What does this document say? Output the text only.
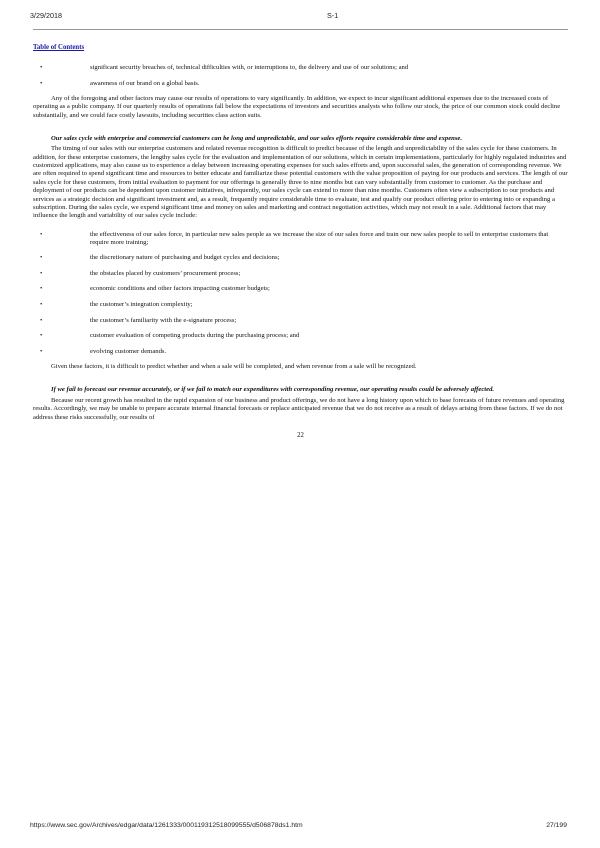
3/29/2018	S-1
Table of Contents
•	significant security breaches of, technical difficulties with, or interruptions to, the delivery and use of our solutions; and
•	awareness of our brand on a global basis.
Any of the foregoing and other factors may cause our results of operations to vary significantly. In addition, we expect to incur significant additional expenses due to the increased costs of operating as a public company. If our quarterly results of operations fall below the expectations of investors and securities analysts who follow our stock, the price of our common stock could decline substantially, and we could face costly lawsuits, including securities class action suits.
Our sales cycle with enterprise and commercial customers can be long and unpredictable, and our sales efforts require considerable time and expense.
The timing of our sales with our enterprise customers and related revenue recognition is difficult to predict because of the length and unpredictability of the sales cycle for these customers. In addition, for these enterprise customers, the lengthy sales cycle for the evaluation and implementation of our solutions, which in certain implementations, particularly for highly regulated industries and customized applications, may also cause us to experience a delay between increasing operating expenses for such sales efforts and, upon successful sales, the generation of corresponding revenue. We are often required to spend significant time and resources to better educate and familiarize these potential customers with the value proposition of paying for our products and services. The length of our sales cycle for these customers, from initial evaluation to payment for our offerings is generally three to nine months but can vary substantially from customer to customer. As the purchase and deployment of our products can be dependent upon customer initiatives, infrequently, our sales cycle can extend to more than nine months. Customers often view a subscription to our products and services as a strategic decision and significant investment and, as a result, frequently require considerable time to evaluate, test and qualify our product offering prior to entering into or expanding a subscription. During the sales cycle, we expend significant time and money on sales and marketing and contract negotiation activities, which may not result in a sale. Additional factors that may influence the length and variability of our sales cycle include:
•	the effectiveness of our sales force, in particular new sales people as we increase the size of our sales force and train our new sales people to sell to enterprise customers that require more training;
•	the discretionary nature of purchasing and budget cycles and decisions;
•	the obstacles placed by customers’ procurement process;
•	economic conditions and other factors impacting customer budgets;
•	the customer’s integration complexity;
•	the customer’s familiarity with the e-signature process;
•	customer evaluation of competing products during the purchasing process; and
•	evolving customer demands.
Given these factors, it is difficult to predict whether and when a sale will be completed, and when revenue from a sale will be recognized.
If we fail to forecast our revenue accurately, or if we fail to match our expenditures with corresponding revenue, our operating results could be adversely affected.
Because our recent growth has resulted in the rapid expansion of our business and product offerings, we do not have a long history upon which to base forecasts of future revenues and operating results. Accordingly, we may be unable to prepare accurate internal financial forecasts or replace anticipated revenue that we do not receive as a result of delays arising from these factors. If we do not address these risks successfully, our results of
22
https://www.sec.gov/Archives/edgar/data/1261333/000119312518099555/d506878ds1.htm	27/199
